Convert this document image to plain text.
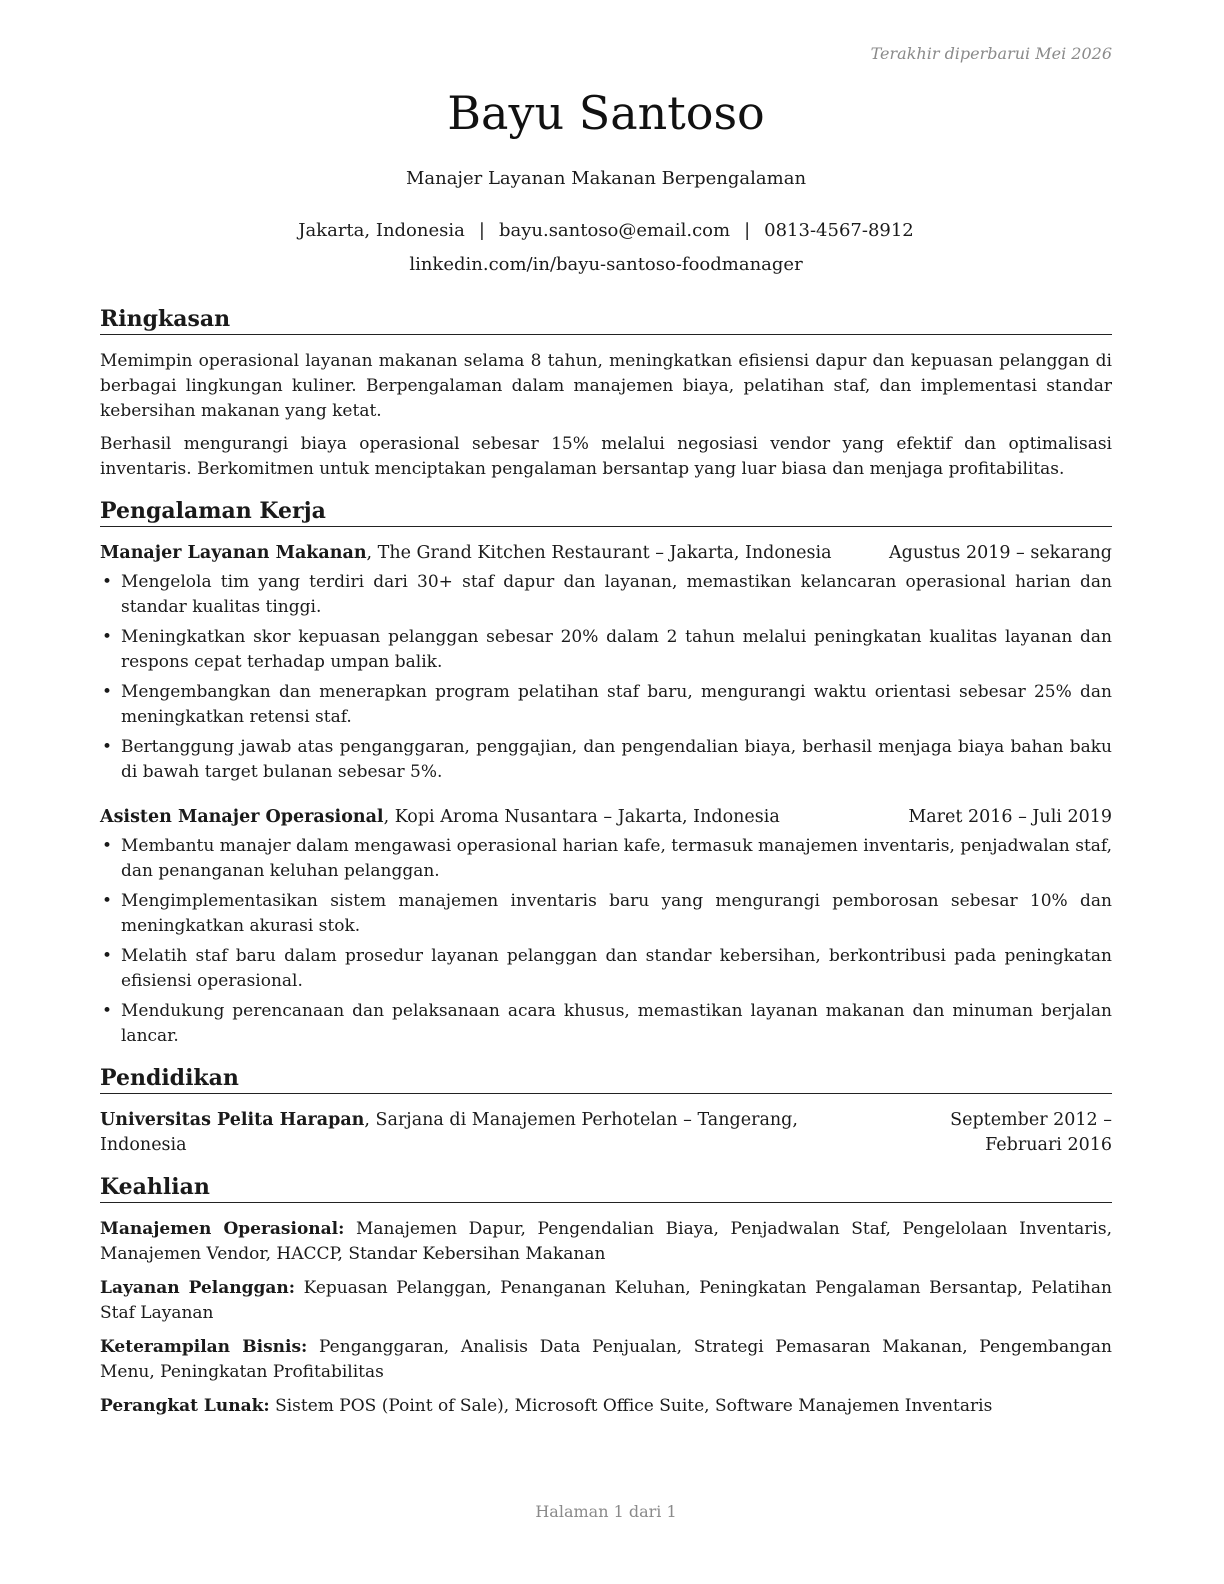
Terakhir diperbarui Mei 2026
Bayu Santoso
Manajer Layanan Makanan Berpengalaman
Jakarta, Indonesia | bayu.santoso@email.com | 0813-4567-8912
linkedin.com/in/bayu-santoso-foodmanager
Ringkasan

Memimpin operasional layanan makanan selama 8 tahun, meningkatkan efisiensi dapur dan kepuasan pelanggan di berbagai lingkungan kuliner. Berpengalaman dalam manajemen biaya, pelatihan staf, dan implementasi standar kebersihan makanan yang ketat.

Berhasil mengurangi biaya operasional sebesar 15% melalui negosiasi vendor yang efektif dan optimalisasi inventaris. Berkomitmen untuk menciptakan pengalaman bersantap yang luar biasa dan menjaga profitabilitas.

Pengalaman Kerja
Manajer Layanan Makanan, The Grand Kitchen Restaurant – Jakarta, Indonesia	Agustus 2019 – sekarang
• Mengelola tim yang terdiri dari 30+ staf dapur dan layanan, memastikan kelancaran operasional harian dan standar kualitas tinggi.
• Meningkatkan skor kepuasan pelanggan sebesar 20% dalam 2 tahun melalui peningkatan kualitas layanan dan respons cepat terhadap umpan balik.
• Mengembangkan dan menerapkan program pelatihan staf baru, mengurangi waktu orientasi sebesar 25% dan meningkatkan retensi staf.
• Bertanggung jawab atas penganggaran, penggajian, dan pengendalian biaya, berhasil menjaga biaya bahan baku di bawah target bulanan sebesar 5%.
Asisten Manajer Operasional, Kopi Aroma Nusantara – Jakarta, Indonesia	Maret 2016 – Juli 2019
• Membantu manajer dalam mengawasi operasional harian kafe, termasuk manajemen inventaris, penjadwalan staf, dan penanganan keluhan pelanggan.
• Mengimplementasikan sistem manajemen inventaris baru yang mengurangi pemborosan sebesar 10% dan meningkatkan akurasi stok.
• Melatih staf baru dalam prosedur layanan pelanggan dan standar kebersihan, berkontribusi pada peningkatan efisiensi operasional.
• Mendukung perencanaan dan pelaksanaan acara khusus, memastikan layanan makanan dan minuman berjalan lancar.
Pendidikan
Universitas Pelita Harapan, Sarjana di Manajemen Perhotelan – Tangerang, Indonesia
September 2012 – Februari 2016
Keahlian

Manajemen Operasional: Manajemen Dapur, Pengendalian Biaya, Penjadwalan Staf, Pengelolaan Inventaris, Manajemen Vendor, HACCP, Standar Kebersihan Makanan

Layanan Pelanggan: Kepuasan Pelanggan, Penanganan Keluhan, Peningkatan Pengalaman Bersantap, Pelatihan Staf Layanan

Keterampilan Bisnis: Penganggaran, Analisis Data Penjualan, Strategi Pemasaran Makanan, Pengembangan Menu, Peningkatan Profitabilitas

Perangkat Lunak: Sistem POS (Point of Sale), Microsoft Office Suite, Software Manajemen Inventaris

Halaman 1 dari 1
